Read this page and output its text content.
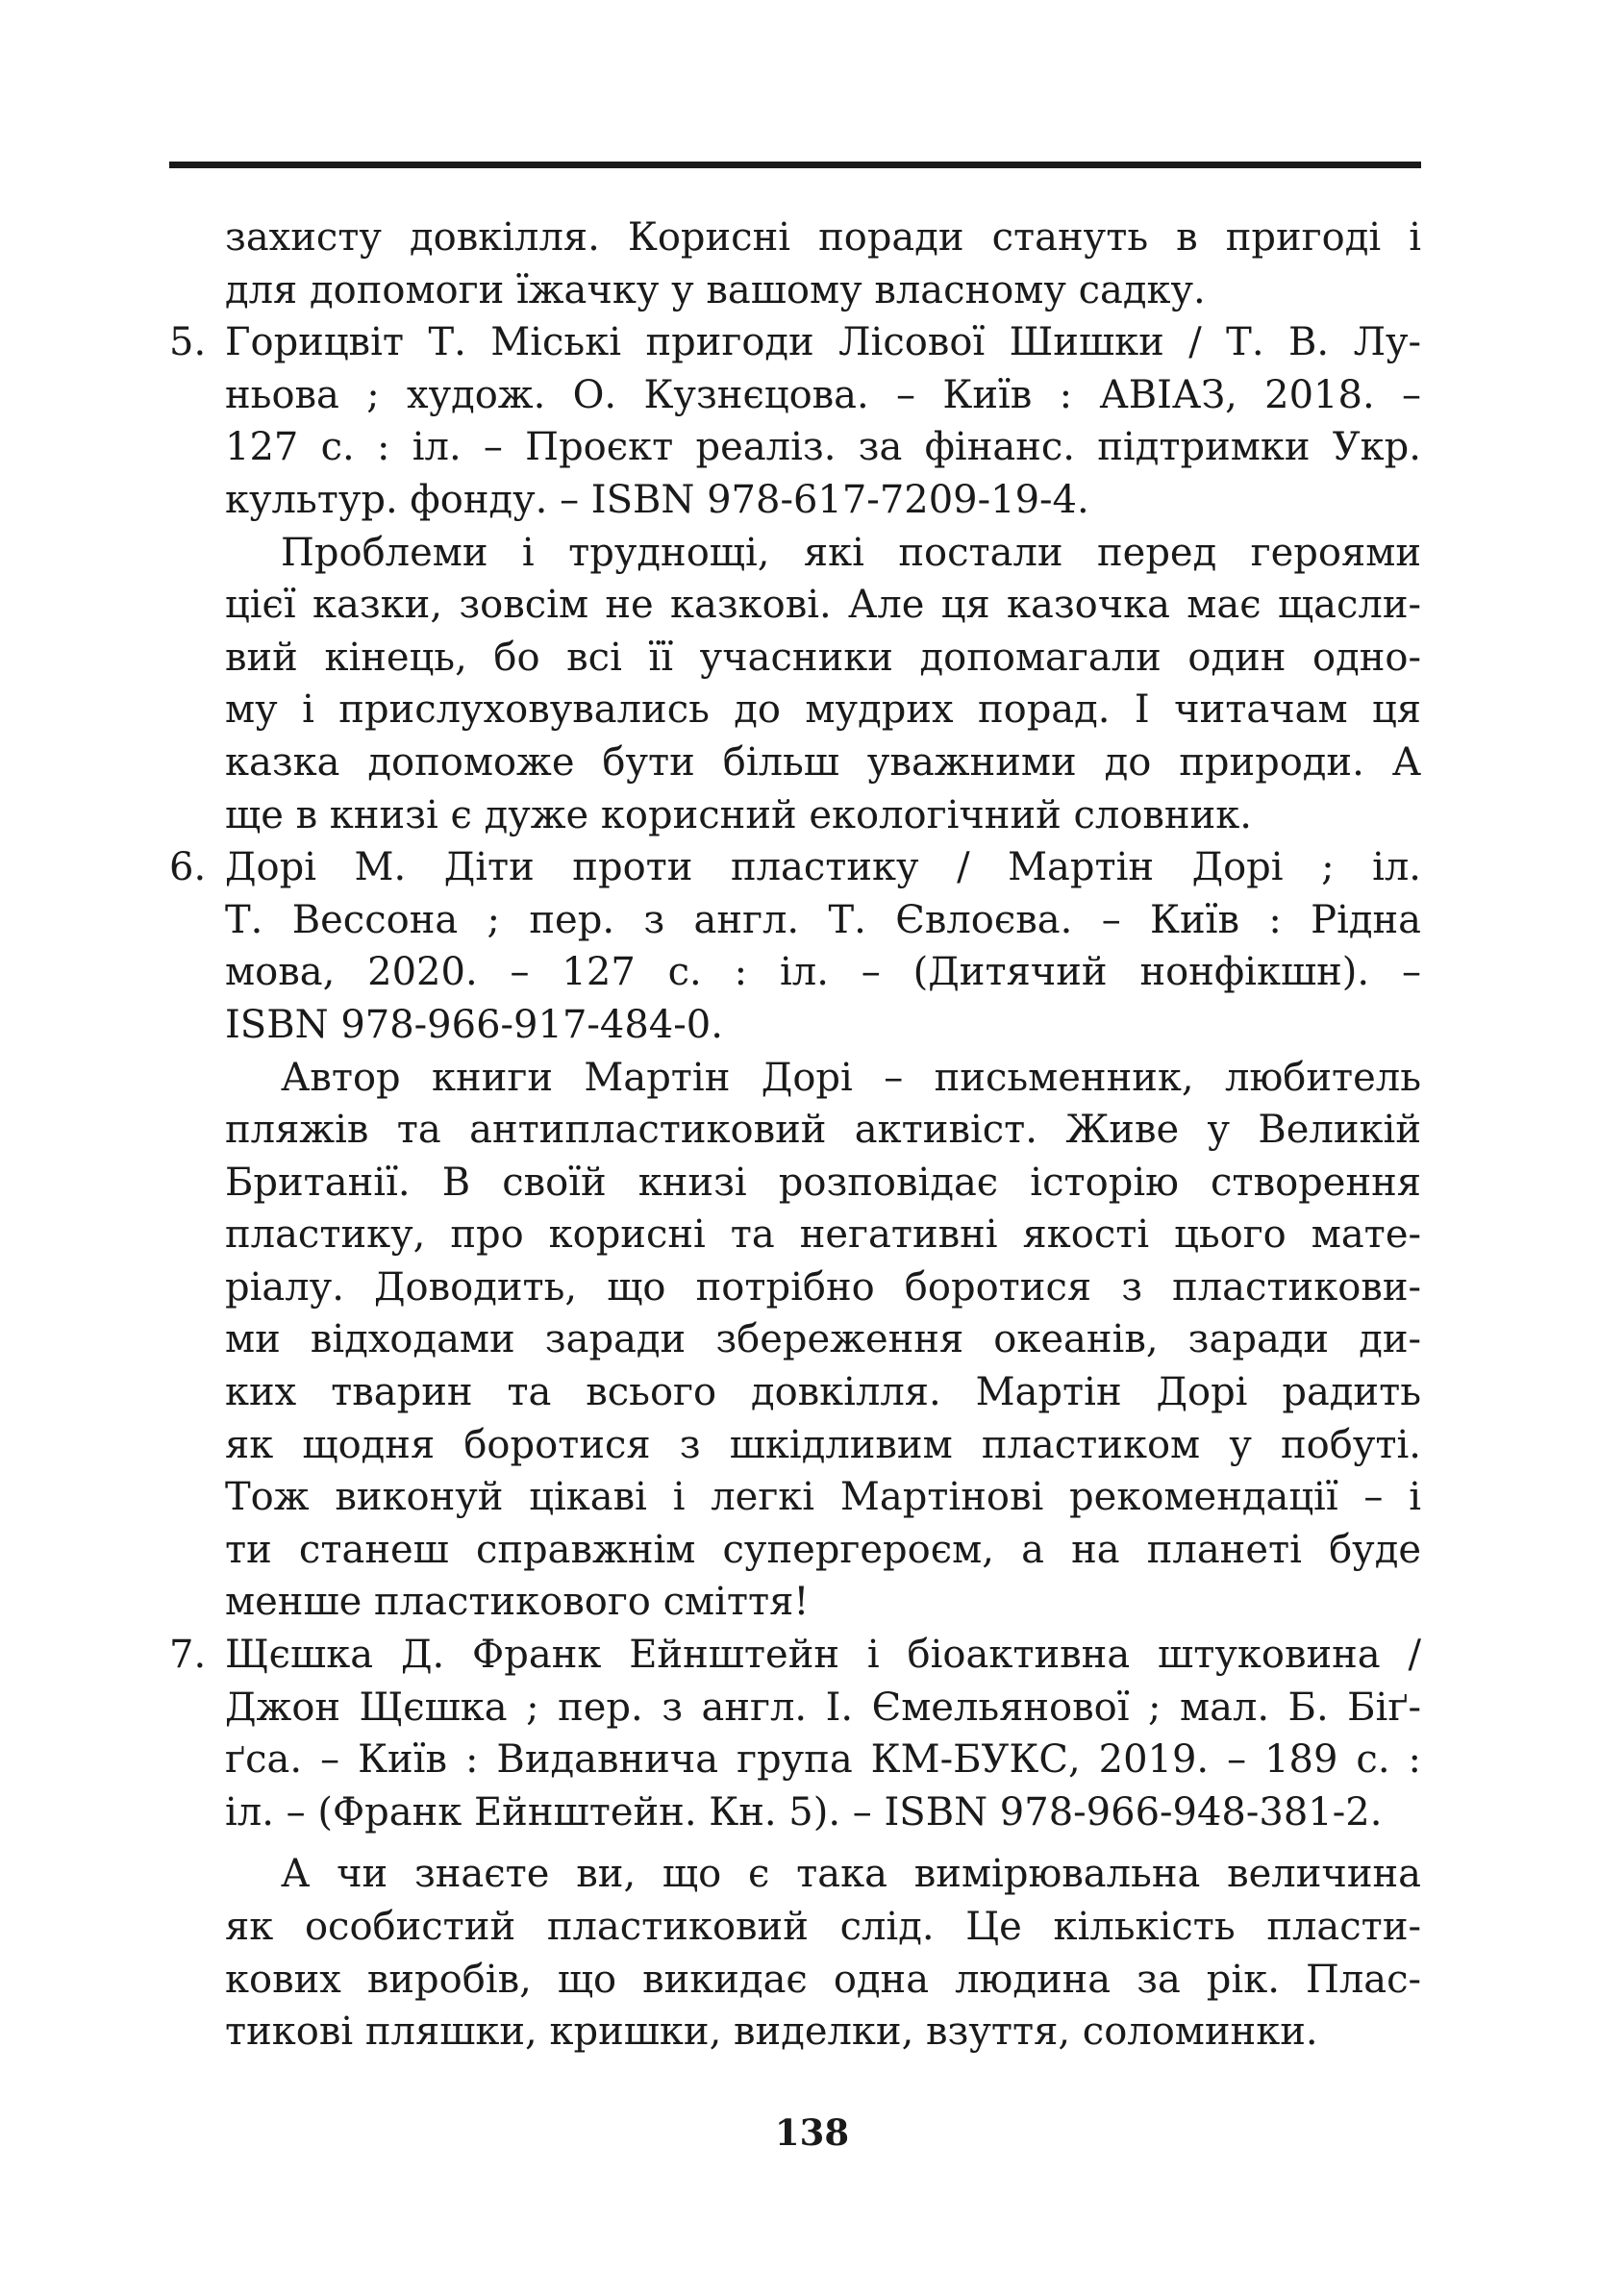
захисту довкілля. Корисні поради стануть в пригоді і
для допомоги їжачку у вашому власному садку.
5. Горицвіт Т. Міські пригоди Лісової Шишки / Т. В. Лу-
ньова ; худож. О. Кузнєцова. – Київ : АВІАЗ, 2018. –
127 с. : іл. – Проєкт реаліз. за фінанс. підтримки Укр.
культур. фонду. – ISBN 978-617-7209-19-4.
Проблеми і труднощі, які постали перед героями
цієї казки, зовсім не казкові. Але ця казочка має щасли-
вий кінець, бо всі її учасники допомагали один одно-
му і прислуховувались до мудрих порад. І читачам ця
казка допоможе бути більш уважними до природи. А
ще в книзі є дуже корисний екологічний словник.
6. Дорі М. Діти проти пластику / Мартін Дорі ; іл.
Т. Вессона ; пер. з англ. Т. Євлоєва. – Київ : Рідна
мова, 2020. – 127 с. : іл. – (Дитячий нонфікшн). –
ISBN 978-966-917-484-0.
Автор книги Мартін Дорі – письменник, любитель
пляжів та антипластиковий активіст. Живе у Великій
Британії. В своїй книзі розповідає історію створення
пластику, про корисні та негативні якості цього мате-
ріалу. Доводить, що потрібно боротися з пластикови-
ми відходами заради збереження океанів, заради ди-
ких тварин та всього довкілля. Мартін Дорі радить
як щодня боротися з шкідливим пластиком у побуті.
Тож виконуй цікаві і легкі Мартінові рекомендації – і
ти станеш справжнім супергероєм, а на планеті буде
менше пластикового сміття!
7. Щєшка Д. Франк Ейнштейн і біоактивна штуковина /
Джон Щєшка ; пер. з англ. І. Ємельянової ; мал. Б. Біґ-
ґса. – Київ : Видавнича група КМ-БУКС, 2019. – 189 с. :
іл. – (Франк Ейнштейн. Кн. 5). – ISBN 978-966-948-381-2.
А чи знаєте ви, що є така вимірювальна величина
як особистий пластиковий слід. Це кількість пласти-
кових виробів, що викидає одна людина за рік. Плас-
тикові пляшки, кришки, виделки, взуття, соломинки.
138
